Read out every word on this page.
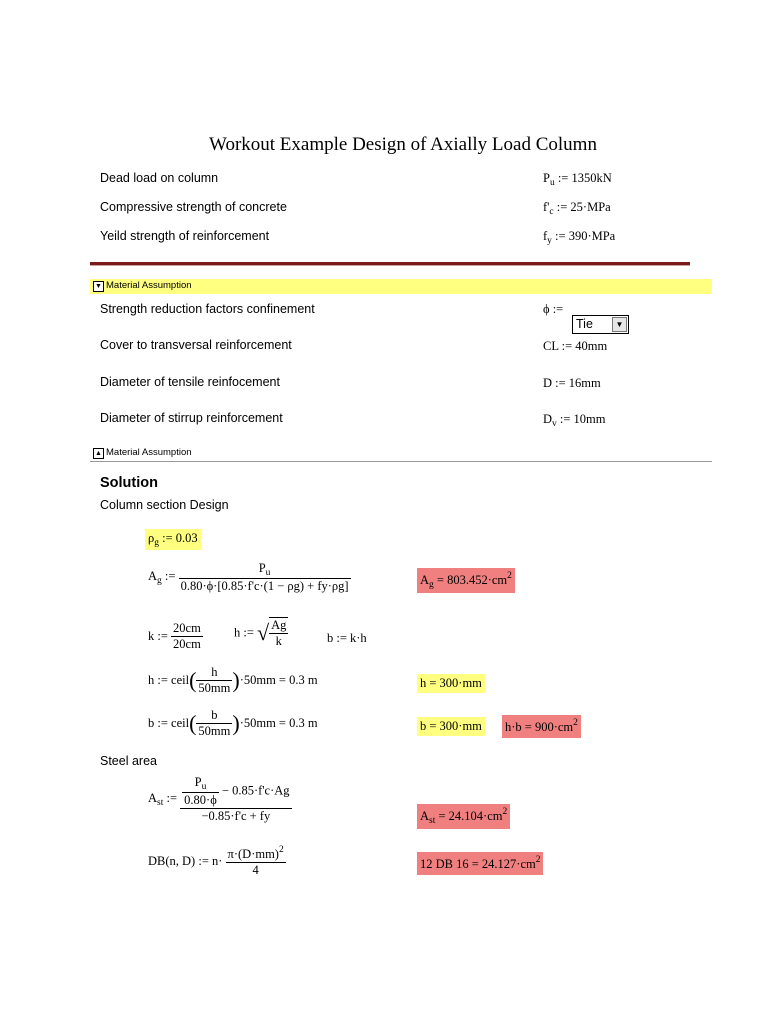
Workout Example Design of Axially Load Column
Dead load on column	$P_u$ := 1350kN
Compressive strength of concrete	$f'_c$ := 25·MPa
Yeild strength of reinforcement	$f_y$ := 390·MPa
▼ Material Assumption
Strength reduction factors confinement	ϕ :=
Tie	▼
Cover to transversal reinforcement	CL := 40mm
Diameter of tensile reinfocement	D := 16mm
Diameter of stirrup reinforcement	$D_v$ := 10mm
▲ Material Assumption
Solution
Column section Design
$\rho_g$ := 0.03
$A_g$ := $\frac{P_u}{0.80\cdot\phi\cdot[0.85\cdot f'c\cdot(1 - \rho g) + fy\cdot\rho g]}$	$A_g = 803.452\cdot cm^2$
k := $\frac{20cm}{20cm}$ h := √ $\frac{Ag}{k}$	b := k·h
h := ceil( $\frac{h}{50mm} )\cdot 50mm = 0.3$ m	h = 300·mm
b := ceil( $\frac{b}{50mm} )\cdot 50mm = 0.3$ m	b = 300·mm $h\cdot b = 900\cdot cm^2$
Steel area
$A_{st}$ := $\frac{\frac{P_u}{0.80\cdot\phi} - 0.85\cdot f'c\cdot Ag}{-0.85\cdot f'c + fy}$	$A_{st} = 24.104\cdot cm^2$
DB(n, D) := $n\cdot \frac{\pi\cdot(D\cdot mm)^2}{4}$	12 DB $16 = 24.127\cdot cm^2$
